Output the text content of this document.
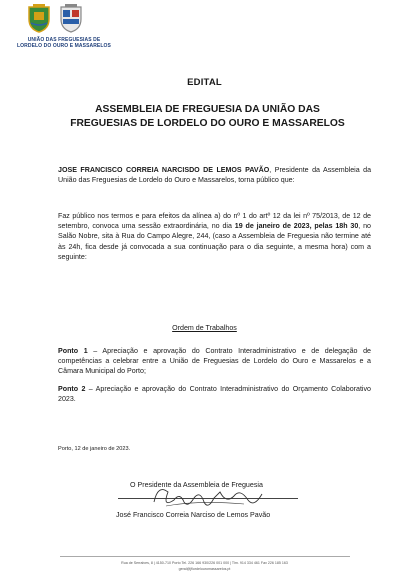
UNIÃO DAS FREGUESIAS DE
LORDELO DO OURO E MASSARELOS
EDITAL
ASSEMBLEIA DE FREGUESIA DA UNIÃO DAS
FREGUESIAS DE LORDELO DO OURO E MASSARELOS

JOSE FRANCISCO CORREIA NARCISDO DE LEMOS PAVÃO, Presidente da Assembleia da União das Freguesias de Lordelo do Ouro e Massarelos, torna público que:

Faz público nos termos e para efeitos da alínea a) do nº 1 do artº 12 da lei nº 75/2013, de 12 de setembro, convoca uma sessão extraordinária, no dia 19 de janeiro de 2023, pelas 18h 30, no Salão Nobre, sita à Rua do Campo Alegre, 244, (caso a Assembleia de Freguesia não termine até às 24h, fica desde já convocada a sua continuação para o dia seguinte, a mesma hora) com a seguinte:

Ordem de Trabalhos

Ponto 1 – Apreciação e aprovação do Contrato Interadministrativo e de delegação de competências a celebrar entre a União de Freguesias de Lordelo do Ouro e Massarelos e a Câmara Municipal do Porto;

Ponto 2 – Apreciação e aprovação do Contrato Interadministrativo do Orçamento Colaborativo 2023.

Porto, 12 de janeiro de 2023.
O Presidente da Assembleia de Freguesia
José Francisco Correia Narciso de Lemos Pavão
Rua de Serralves, 8 | 4150-710 Porto Tel. 226 166 930/226 001 000 | Tlm. 914 334 461 Fax 226 185 163
geral@jflordelouromassarelos.pt
